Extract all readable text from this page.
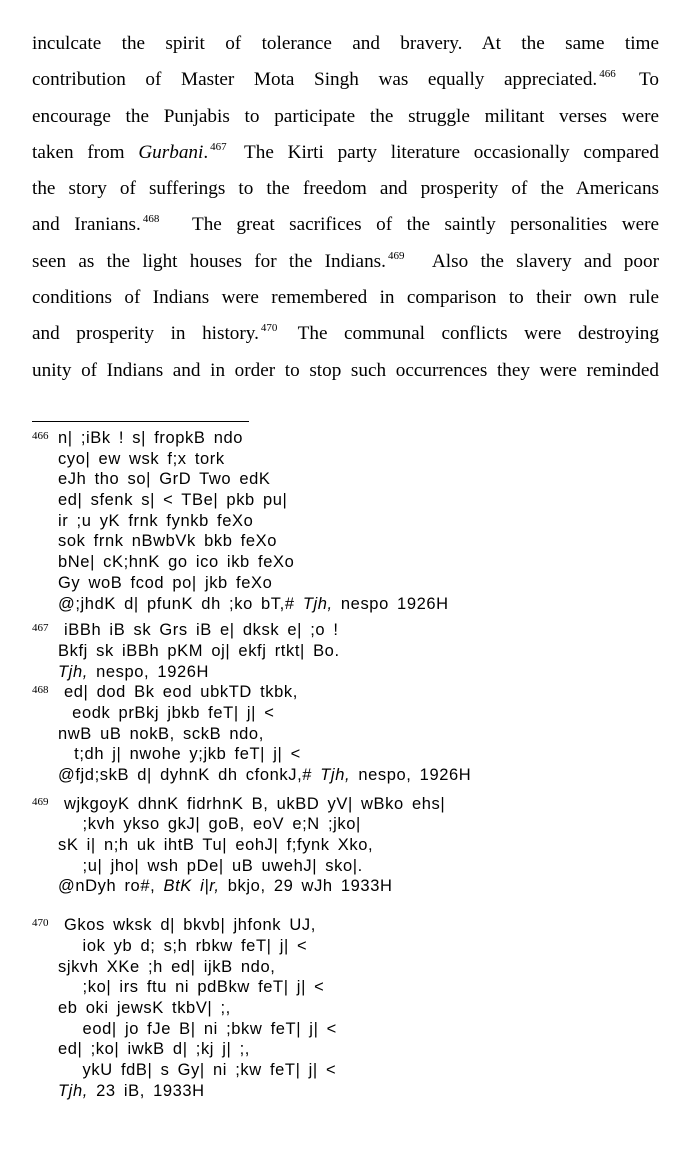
inculcate the spirit of tolerance and bravery. At the same time
contribution of Master Mota Singh was equally appreciated. $^{466}$ To
encourage the Punjabis to participate the struggle militant verses were
taken from Gurbani. $^{467}$ The Kirti party literature occasionally compared
the story of sufferings to the freedom and prosperity of the Americans
and Iranians. $^{468}$ The great sacrifices of the saintly personalities were
seen as the light houses for the Indians. $^{469}$ Also the slavery and poor
conditions of Indians were remembered in comparison to their own rule
and prosperity in history. $^{470}$ The communal conflicts were destroying
unity of Indians and in order to stop such occurrences they were reminded
466 n| ;iBk ! s| fropkB ndo
cyo| ew wsk f;x tork
eJh tho so| GrD Two edK
ed| sfenk s| < TBe| pkb pu|
ir ;u yK frnk fynkb feXo
sok frnk nBwbVk bkb feXo
bNe| cK;hnK go ico ikb feXo
Gy woB fcod po| jkb feXo
@;jhdK d| pfunK dh ;ko bT,# Tjh, nespo 1926H
467 iBBh iB sk Grs iB e| dksk e| ;o !
Bkfj sk iBBh pKM oj| ekfj rtkt| Bo.
Tjh, nespo, 1926H
468 ed| dod Bk eod ubkTD tkbk,
eodk prBkj jbkb feT| j| <
nwB uB nokB, sckB ndo,
t;dh j| nwohe y;jkb feT| j| <
@fjd;skB d| dyhnK dh cfonkJ,# Tjh, nespo, 1926H
469 wjkgoyK dhnK fidrhnK B, ukBD yV| wBko ehs|
;kvh ykso gkJ| goB, eoV e;N ;jko|
sK i| n;h uk ihtB Tu| eohJ| f;fynk Xko,
;u| jho| wsh pDe| uB uwehJ| sko|.
@nDyh ro#, BtK i|r, bkjo, 29 wJh 1933H
470 Gkos wksk d| bkvb| jhfonk UJ,
iok yb d; s;h rbkw feT| j| <
sjkvh XKe ;h ed| ijkB ndo,
;ko| irs ftu ni pdBkw feT| j| <
eb oki jewsK tkbV| ;,
eod| jo fJe B| ni ;bkw feT| j| <
ed| ;ko| iwkB d| ;kj j| ;,
ykU fdB| s Gy| ni ;kw feT| j| <
Tjh, 23 iB, 1933H
